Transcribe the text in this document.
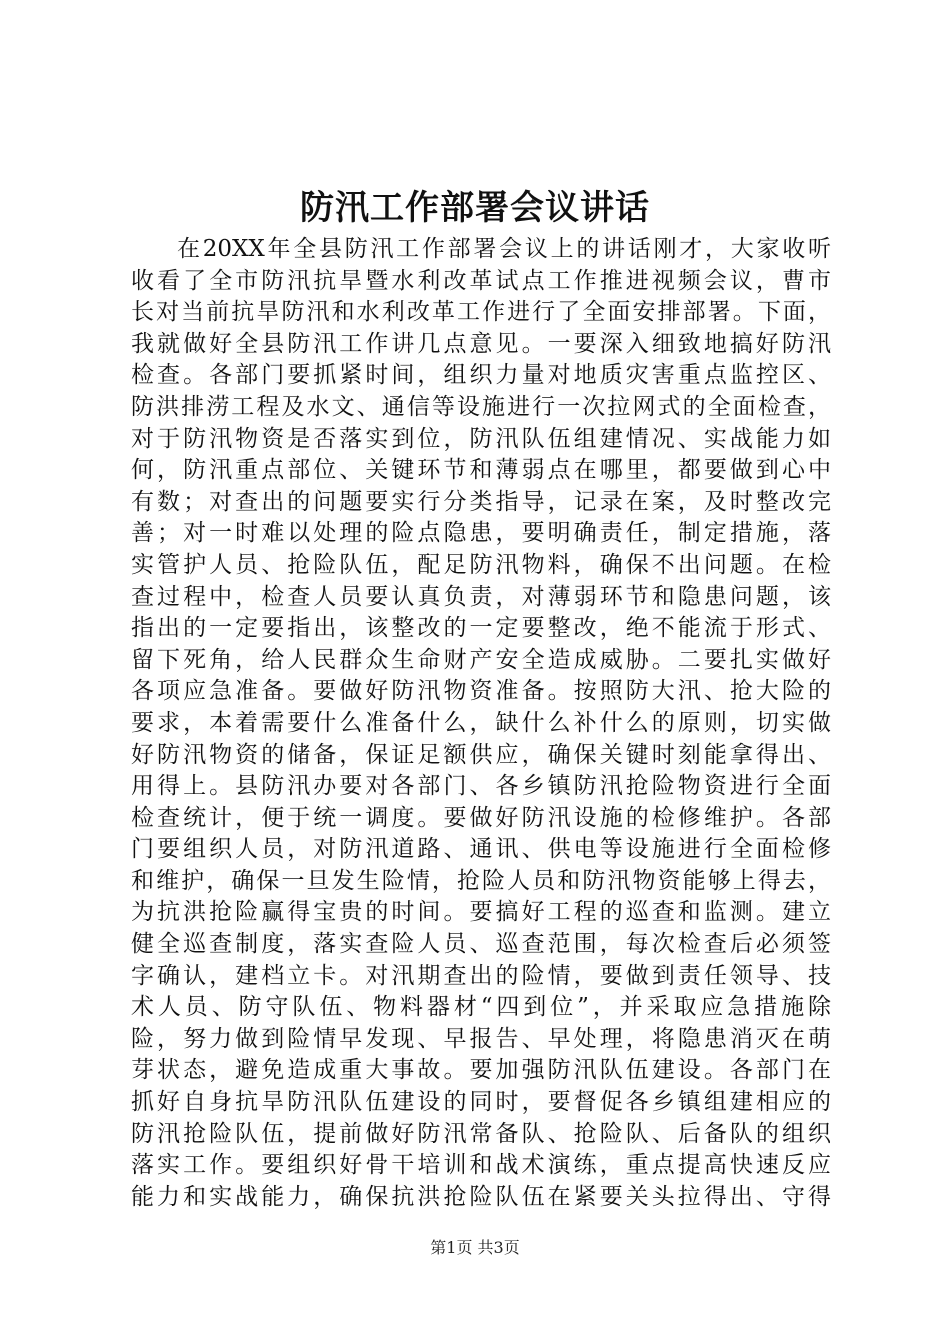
防汛工作部署会议讲话
在20XX年全县防汛工作部署会议上的讲话刚才，大家收听
收看了全市防汛抗旱暨水利改革试点工作推进视频会议，曹市
长对当前抗旱防汛和水利改革工作进行了全面安排部署。下面，
我就做好全县防汛工作讲几点意见。一要深入细致地搞好防汛
检查。各部门要抓紧时间，组织力量对地质灾害重点监控区、
防洪排涝工程及水文、通信等设施进行一次拉网式的全面检查，
对于防汛物资是否落实到位，防汛队伍组建情况、实战能力如
何，防汛重点部位、关键环节和薄弱点在哪里，都要做到心中
有数；对查出的问题要实行分类指导，记录在案，及时整改完
善；对一时难以处理的险点隐患，要明确责任，制定措施，落
实管护人员、抢险队伍，配足防汛物料，确保不出问题。在检
查过程中，检查人员要认真负责，对薄弱环节和隐患问题，该
指出的一定要指出，该整改的一定要整改，绝不能流于形式、
留下死角，给人民群众生命财产安全造成威胁。二要扎实做好
各项应急准备。要做好防汛物资准备。按照防大汛、抢大险的
要求，本着需要什么准备什么，缺什么补什么的原则，切实做
好防汛物资的储备，保证足额供应，确保关键时刻能拿得出、
用得上。县防汛办要对各部门、各乡镇防汛抢险物资进行全面
检查统计，便于统一调度。要做好防汛设施的检修维护。各部
门要组织人员，对防汛道路、通讯、供电等设施进行全面检修
和维护，确保一旦发生险情，抢险人员和防汛物资能够上得去，
为抗洪抢险赢得宝贵的时间。要搞好工程的巡查和监测。建立
健全巡查制度，落实查险人员、巡查范围，每次检查后必须签
字确认，建档立卡。对汛期查出的险情，要做到责任领导、技
术人员、防守队伍、物料器材“四到位”，并采取应急措施除
险，努力做到险情早发现、早报告、早处理，将隐患消灭在萌
芽状态，避免造成重大事故。要加强防汛队伍建设。各部门在
抓好自身抗旱防汛队伍建设的同时，要督促各乡镇组建相应的
防汛抢险队伍，提前做好防汛常备队、抢险队、后备队的组织
落实工作。要组织好骨干培训和战术演练，重点提高快速反应
能力和实战能力，确保抗洪抢险队伍在紧要关头拉得出、守得
第1页 共3页
